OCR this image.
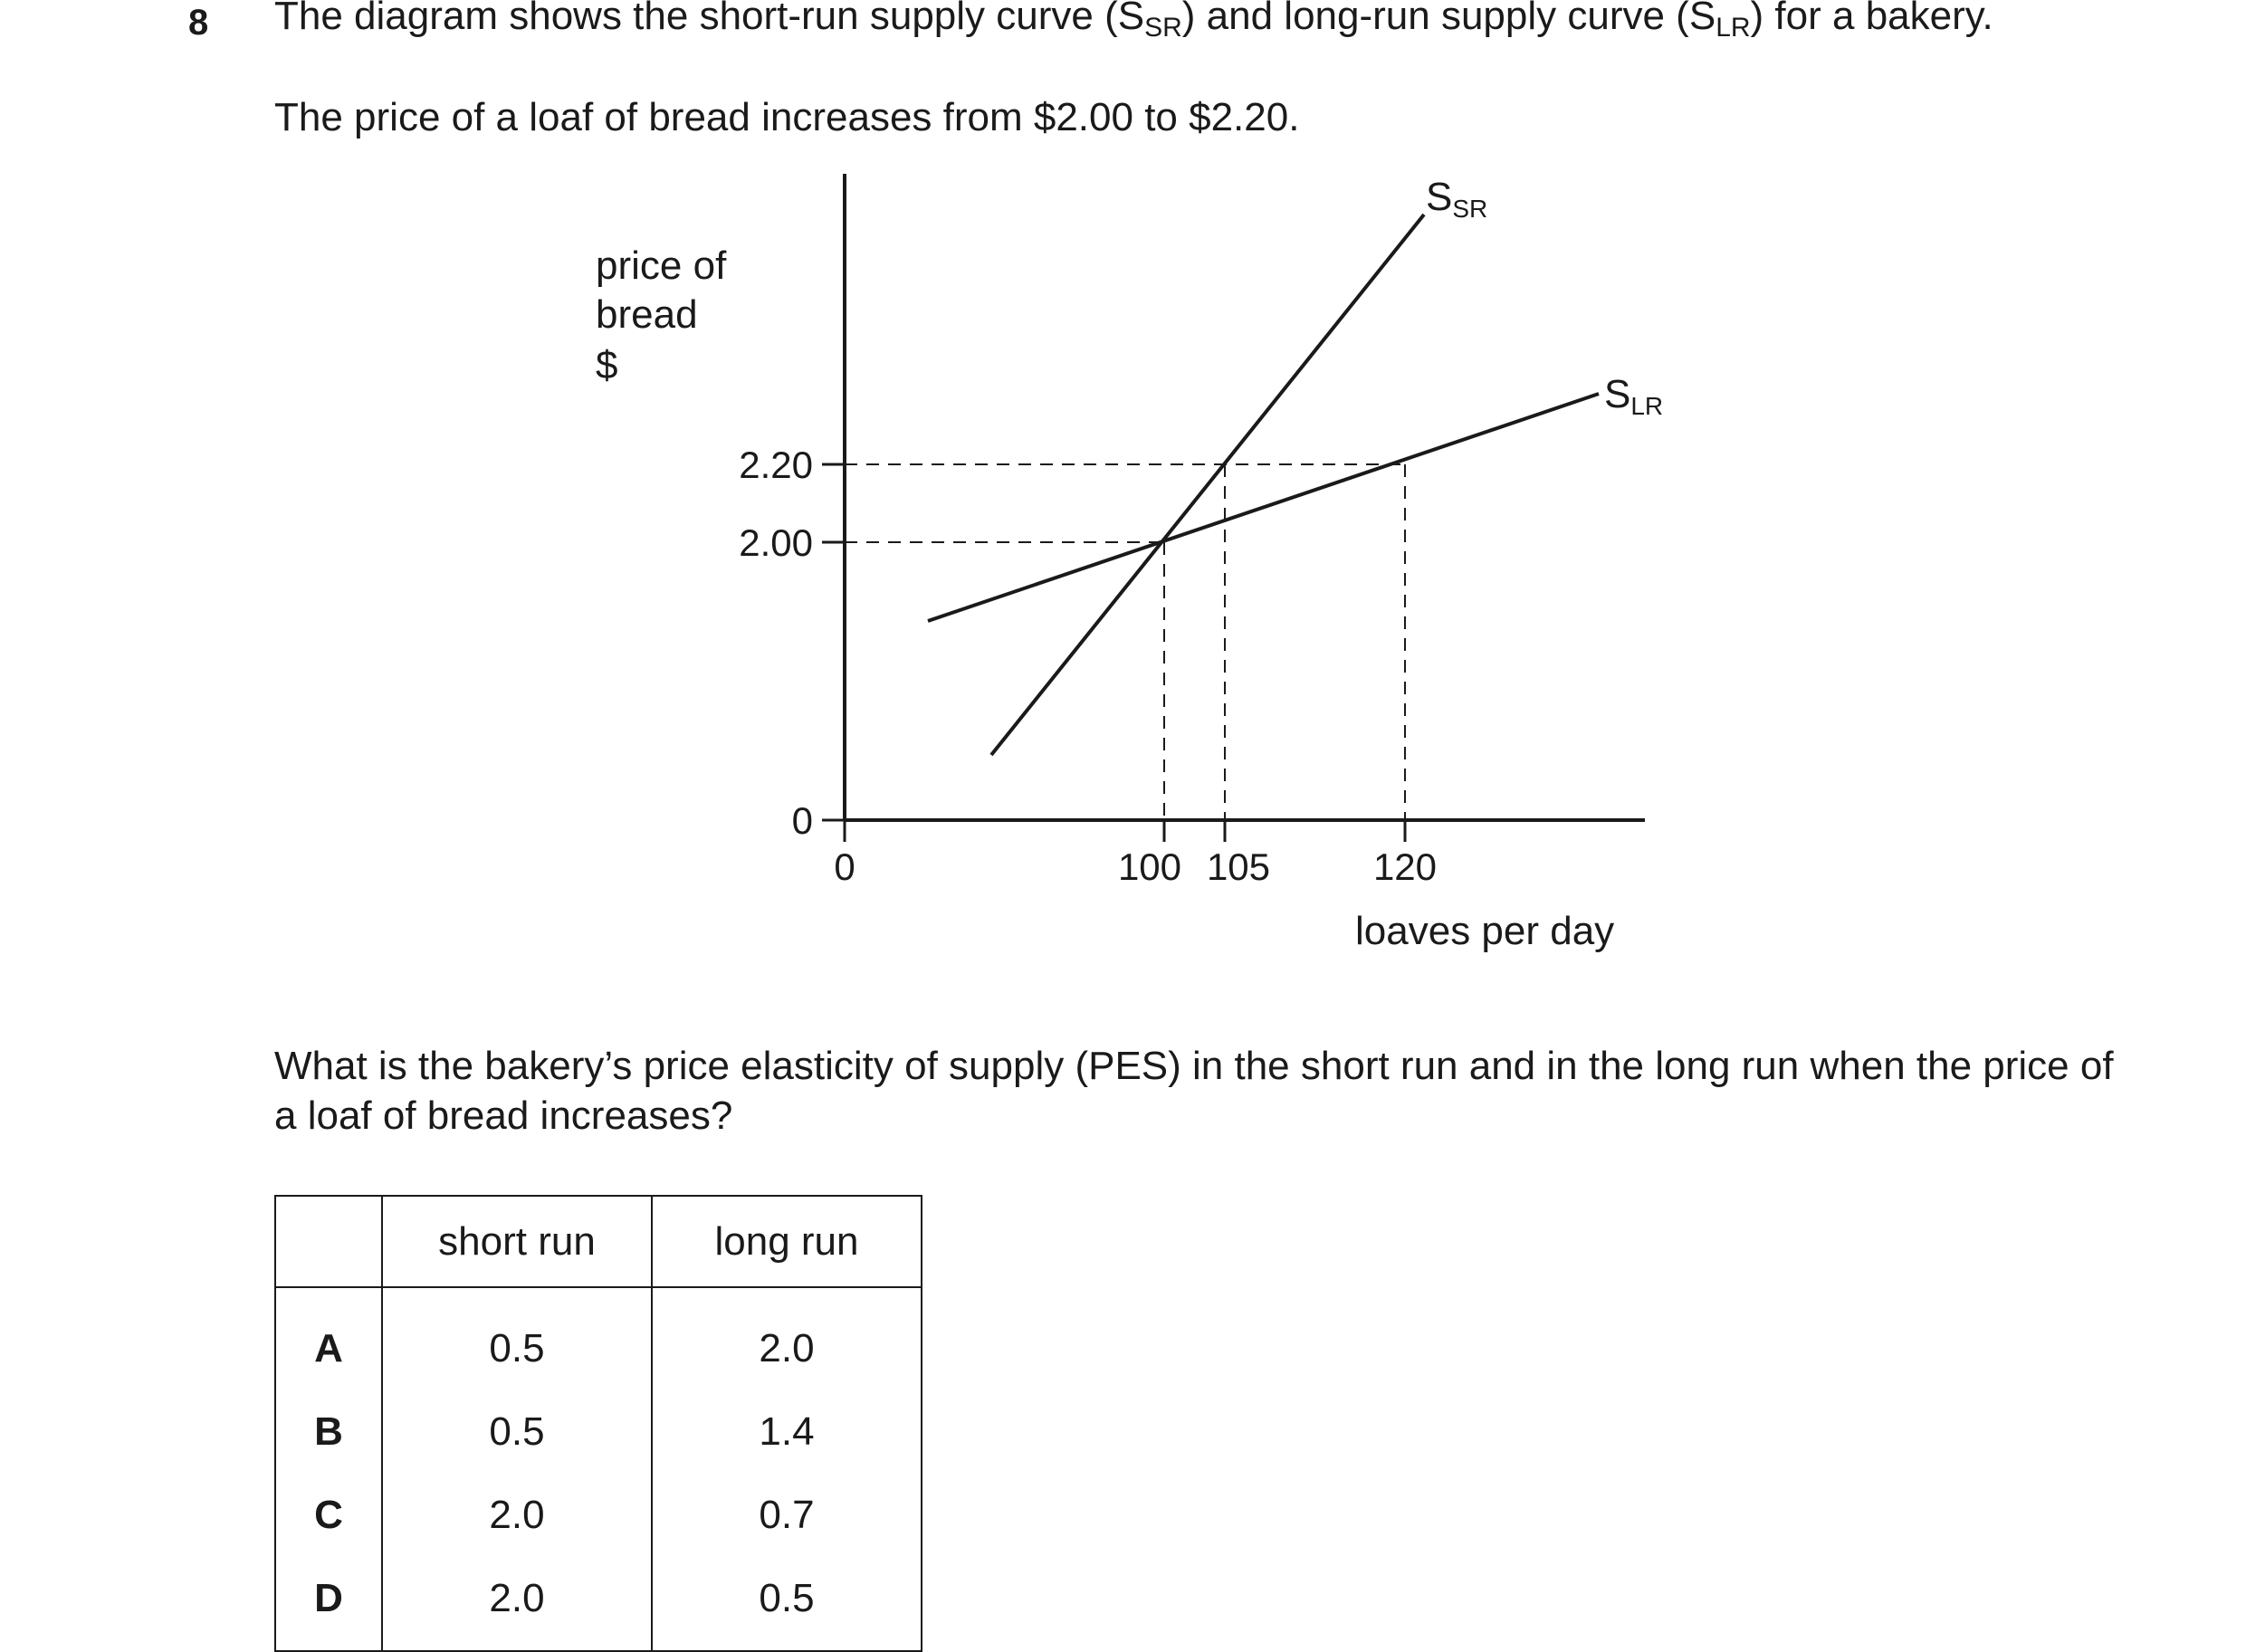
8 The diagram shows the short-run supply curve $(S_{SR})$ and long-run supply curve $(S_{LR})$ for a bakery.
The price of a loaf of bread increases from $2.00 to $2.20.
price of
bread
$
2.20
2.00
0
0	100 105	120
loaves per day
SSR
SLR
What is the bakery’s price elasticity of supply (PES) in the short run and in the long run when the price of a loaf of bread increases?
	short run	long run
A	0.5	2.0
B	0.5	1.4
C	2.0	0.7
D	2.0	0.5
